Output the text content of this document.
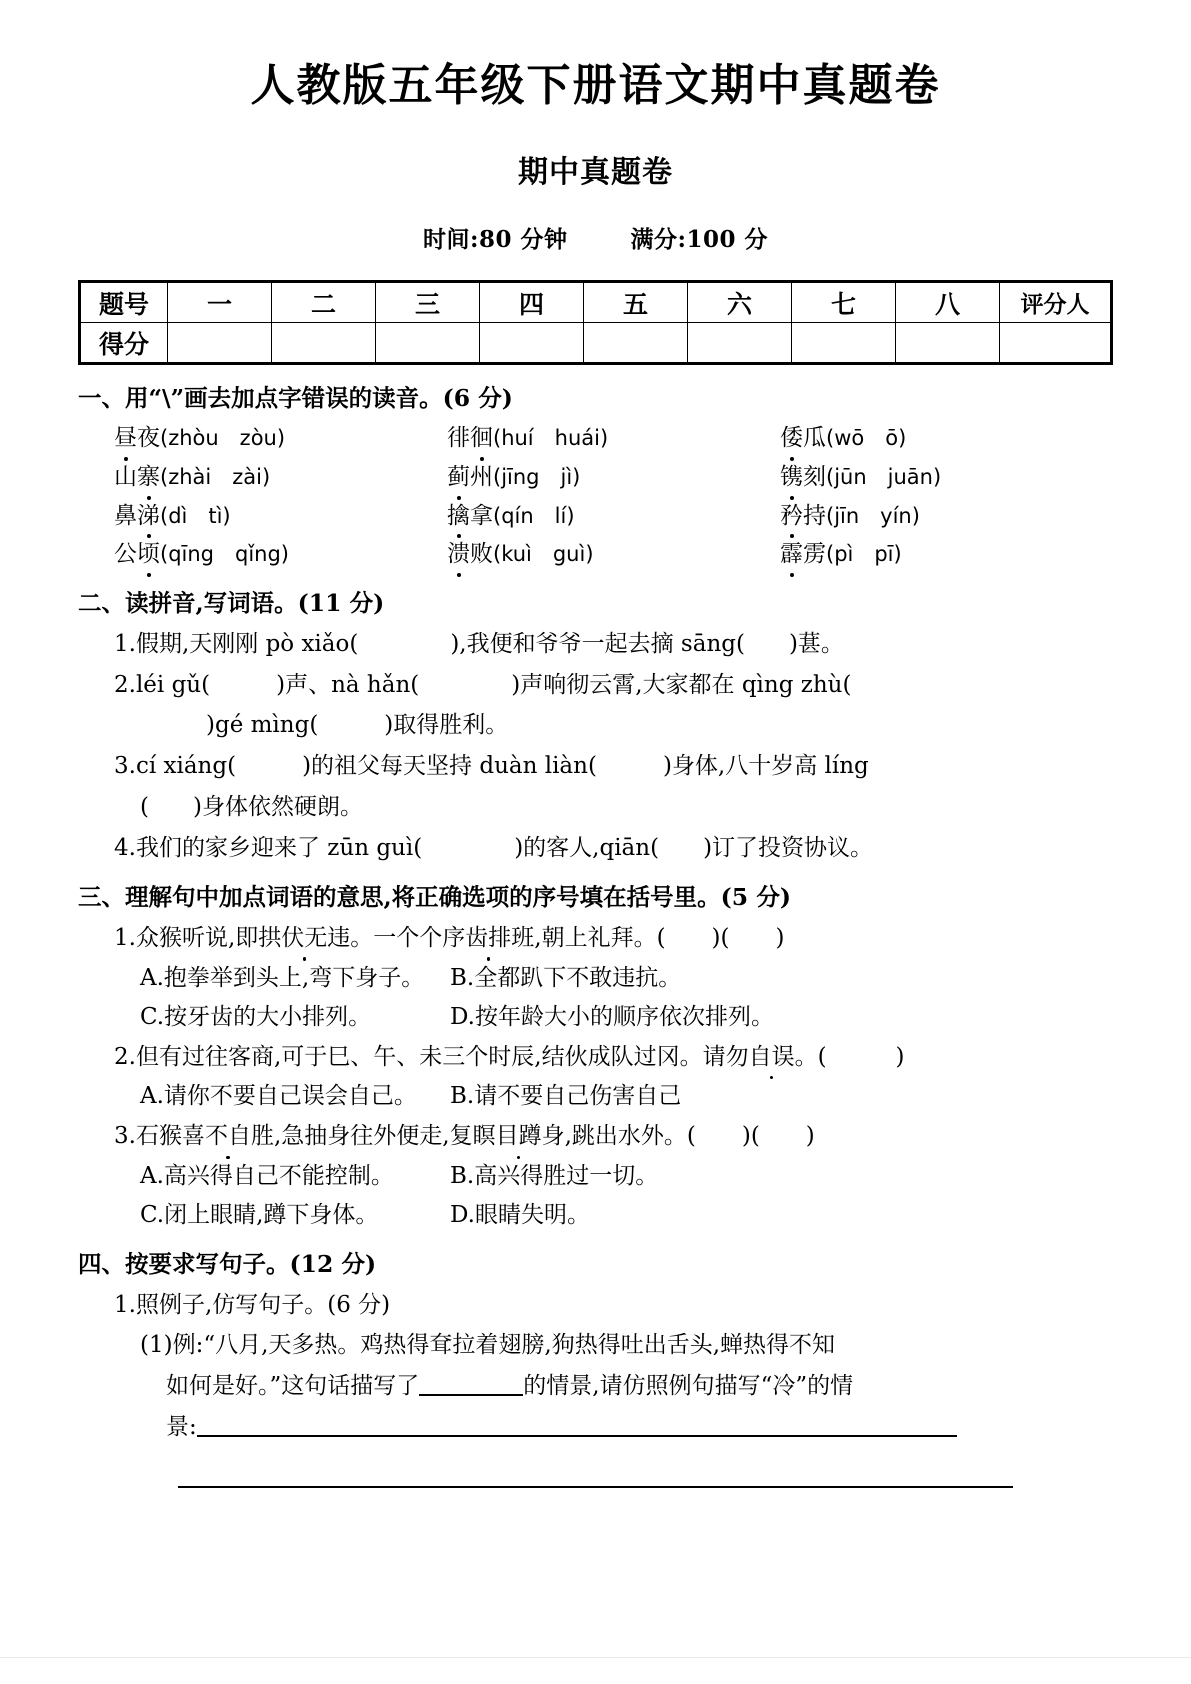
人教版五年级下册语文期中真题卷
期中真题卷
时间:80 分钟	满分:100 分
题号	一	二	三	四	五	六	七	八	评分人
得分									
一、用“\”画去加点字错误的读音。(6 分)
昼夜(zhòu　zòu)	徘徊(huí　huái)	倭瓜(wō　ō)
山寨(zhài　zài)	蓟州(jīng　jì)	镌刻(jūn　juān)
鼻涕(dì　tì)	擒拿(qín　lí)	矜持(jīn　yín)
公顷(qīng　qǐng)	溃败(kuì　guì)	霹雳(pì　pī)
二、读拼音,写词语。(11 分)
1.假期,天刚刚 pò xiǎo(	),我便和爷爷一起去摘 sāng( )葚。
2.léi gǔ(	)声、nà hǎn(	)声响彻云霄,大家都在 qìng zhù(
)gé mìng(	)取得胜利。
3.cí xiáng(	)的祖父每天坚持 duàn liàn(	)身体,八十岁高 líng
( )身体依然硬朗。
4.我们的家乡迎来了 zūn guì(	)的客人,qiān( )订了投资协议。
三、理解句中加点词语的意思,将正确选项的序号填在括号里。(5 分)
1.众猴听说,即拱伏无违。一个个序齿排班,朝上礼拜。(　　)(　　)
A.抱拳举到头上,弯下身子。	B.全都趴下不敢违抗。
C.按牙齿的大小排列。	D.按年龄大小的顺序依次排列。
2.但有过往客商,可于巳、午、未三个时辰,结伙成队过冈。请勿自误。(　　　)
A.请你不要自己误会自己。	B.请不要自己伤害自己
3.石猴喜不自胜,急抽身往外便走,复瞑目蹲身,跳出水外。(　　)(　　)
A.高兴得自己不能控制。	B.高兴得胜过一切。
C.闭上眼睛,蹲下身体。	D.眼睛失明。
四、按要求写句子。(12 分)
1.照例子,仿写句子。(6 分)
(1)例:“八月,天多热。鸡热得耷拉着翅膀,狗热得吐出舌头,蝉热得不知
如何是好。”这句话描写了	的情景,请仿照例句描写“冷”的情
景:
